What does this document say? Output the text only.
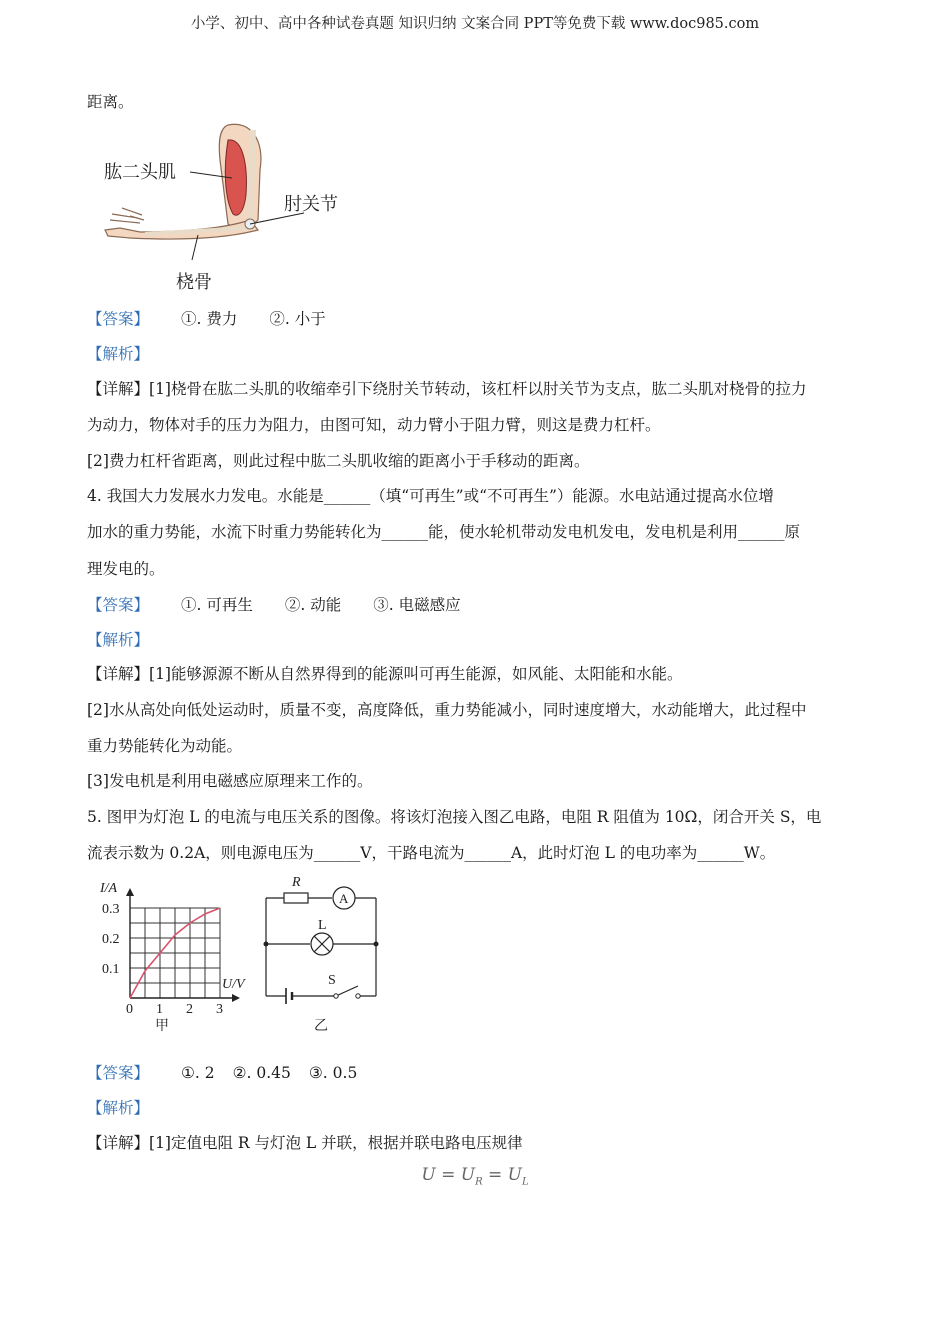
小学、初中、高中各种试卷真题 知识归纳 文案合同 PPT等免费下载 www.doc985.com
距离。
肱二头肌
肘关节
桡骨
【答案】 ①. 费力 ②. 小于
【解析】
【详解】[1]桡骨在肱二头肌的收缩牵引下绕肘关节转动，该杠杆以肘关节为支点，肱二头肌对桡骨的拉力
为动力，物体对手的压力为阻力，由图可知，动力臂小于阻力臂，则这是费力杠杆。
[2]费力杠杆省距离，则此过程中肱二头肌收缩的距离小于手移动的距离。
4. 我国大力发展水力发电。水能是______（填“可再生”或“不可再生”）能源。水电站通过提高水位增
加水的重力势能，水流下时重力势能转化为______能，使水轮机带动发电机发电，发电机是利用______原
理发电的。
【答案】 ①. 可再生 ②. 动能 ③. 电磁感应
【解析】
【详解】[1]能够源源不断从自然界得到的能源叫可再生能源，如风能、太阳能和水能。
[2]水从高处向低处运动时，质量不变，高度降低，重力势能减小，同时速度增大，水动能增大，此过程中
重力势能转化为动能。
[3]发电机是利用电磁感应原理来工作的。
5. 图甲为灯泡 L 的电流与电压关系的图像。将该灯泡接入图乙电路，电阻 R 阻值为 10Ω，闭合开关 S，电
流表示数为 0.2A，则电源电压为______V，干路电流为______A，此时灯泡 L 的电功率为______W。
0 1 2 3
0.1
0.2
0.3
I/A
U/V
甲
R
A
L
S
乙
【答案】 ①. 2 ②. 0.45 ③. 0.5
【解析】
【详解】[1]定值电阻 R 与灯泡 L 并联，根据并联电路电压规律
$U = U_R = U_L$
